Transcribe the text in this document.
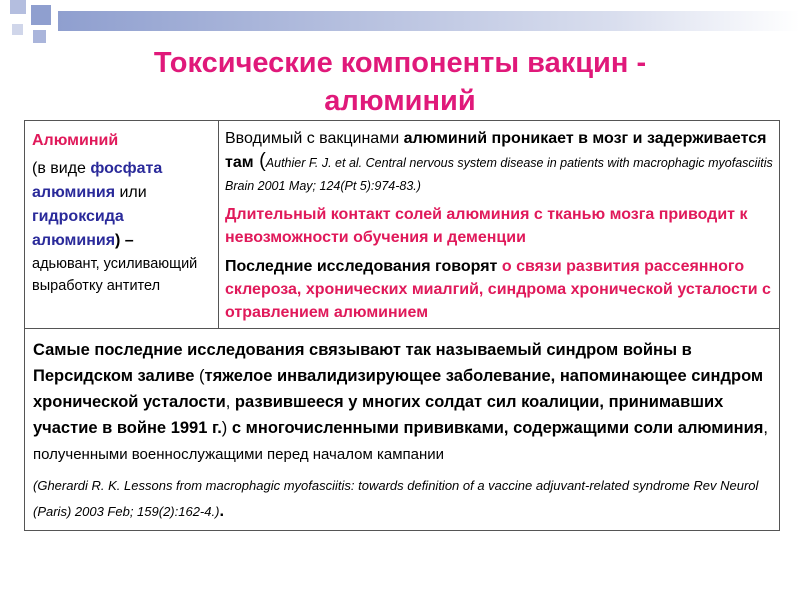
Токсические компоненты вакцин -
алюминий

Алюминий

(в виде фосфата алюминия или гидроксида алюминия) –

адьювант, усиливающий выработку антител

Вводимый с вакцинами алюминий проникает в мозг и задерживается там (Authier F. J. et al. Central nervous system disease in patients with macrophagic myofasciitis Brain 2001 May; 124(Pt 5):974-83.)

Длительный контакт солей алюминия с тканью мозга приводит к невозможности обучения и деменции

Последние исследования говорят о связи развития рассеянного склероза, хронических миалгий, синдрома хронической усталости с отравлением алюминием

Самые последние исследования связывают так называемый синдром войны в Персидском заливе (тяжелое инвалидизирующее заболевание, напоминающее синдром хронической усталости, развившееся у многих солдат сил коалиции, принимавших участие в войне 1991 г.) с многочисленными прививками, содержащими соли алюминия, полученными военнослужащими перед началом кампании

(Gherardi R. K. Lessons from macrophagic myofasciitis: towards definition of a vaccine adjuvant-related syndrome Rev Neurol (Paris) 2003 Feb; 159(2):162-4.).
